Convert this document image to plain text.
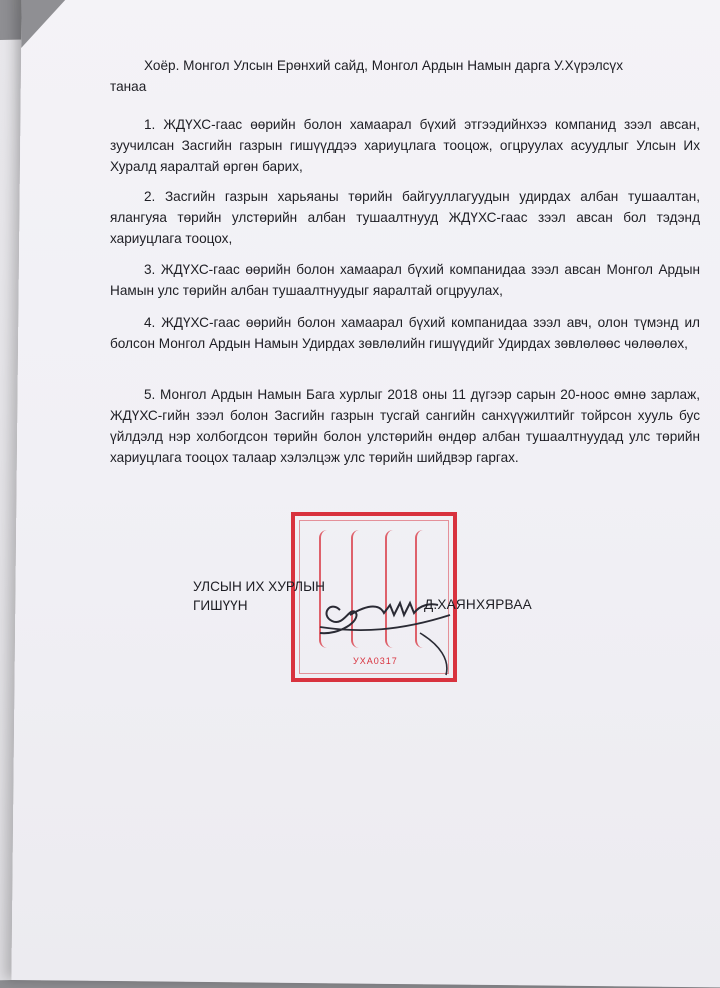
Хоёр. Монгол Улсын Ерөнхий сайд, Монгол Ардын Намын дарга У.Хүрэлсүх
танаа

1. ЖДҮХС-гаас өөрийн болон хамаарал бүхий этгээдийнхээ компанид зээл авсан, зуучилсан Засгийн газрын гишүүддээ хариуцлага тооцож, огцруулах асуудлыг Улсын Их Хуралд яаралтай өргөн барих,

2. Засгийн газрын харьяаны төрийн байгууллагуудын удирдах албан тушаалтан, ялангуяа төрийн улстөрийн албан тушаалтнууд ЖДҮХС-гаас зээл авсан бол тэдэнд хариуцлага тооцох,

3. ЖДҮХС-гаас өөрийн болон хамаарал бүхий компанидаа зээл авсан Монгол Ардын Намын улс төрийн албан тушаалтнуудыг яаралтай огцруулах,

4. ЖДҮХС-гаас өөрийн болон хамаарал бүхий компанидаа зээл авч, олон түмэнд ил болсон Монгол Ардын Намын Удирдах зөвлөлийн гишүүдийг Удирдах зөвлөлөөс чөлөөлөх,

5. Монгол Ардын Намын Бага хурлыг 2018 оны 11 дүгээр сарын 20-ноос өмнө зарлаж, ЖДҮХС-гийн зээл болон Засгийн газрын тусгай сангийн санхүүжилтийг тойрсон хууль бус үйлдэлд нэр холбогдсон төрийн болон улстөрийн өндөр албан тушаалтнуудад улс төрийн хариуцлага тооцох талаар хэлэлцэж улс төрийн шийдвэр гаргах.

УХА0317
УЛСЫН ИХ ХУРЛЫН
ГИШҮҮН	Д.ХАЯНХЯРВАА
